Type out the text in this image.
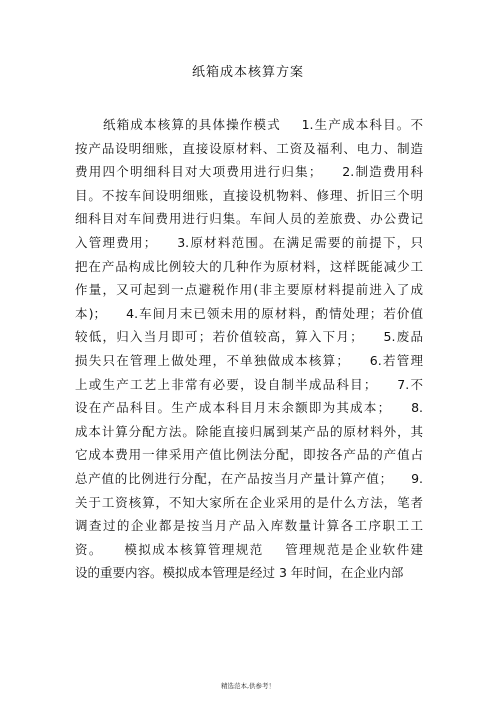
纸箱成本核算方案
纸箱成本核算的具体操作模式    1.生产成本科目。不
按产品设明细账，直接设原材料、工资及福利、电力、制造
费用四个明细科目对大项费用进行归集；    2.制造费用科
目。不按车间设明细账，直接设机物料、修理、折旧三个明
细科目对车间费用进行归集。车间人员的差旅费、办公费记
入管理费用；    3.原材料范围。在满足需要的前提下，只
把在产品构成比例较大的几种作为原材料，这样既能减少工
作量，又可起到一点避税作用(非主要原材料提前进入了成
本)；    4.车间月末已领未用的原材料，酌情处理；若价值
较低，归入当月即可；若价值较高，算入下月；    5.废品
损失只在管理上做处理，不单独做成本核算；    6.若管理
上或生产工艺上非常有必要，设自制半成品科目；    7.不
设在产品科目。生产成本科目月末余额即为其成本；    8.
成本计算分配方法。除能直接归属到某产品的原材料外，其
它成本费用一律采用产值比例法分配，即按各产品的产值占
总产值的比例进行分配，在产品按当月产量计算产值；    9.
关于工资核算，不知大家所在企业采用的是什么方法，笔者
调查过的企业都是按当月产品入库数量计算各工序职工工
资。    模拟成本核算管理规范    管理规范是企业软件建
设的重要内容。模拟成本管理是经过 3 年时间，在企业内部
精选范本,供参考！
